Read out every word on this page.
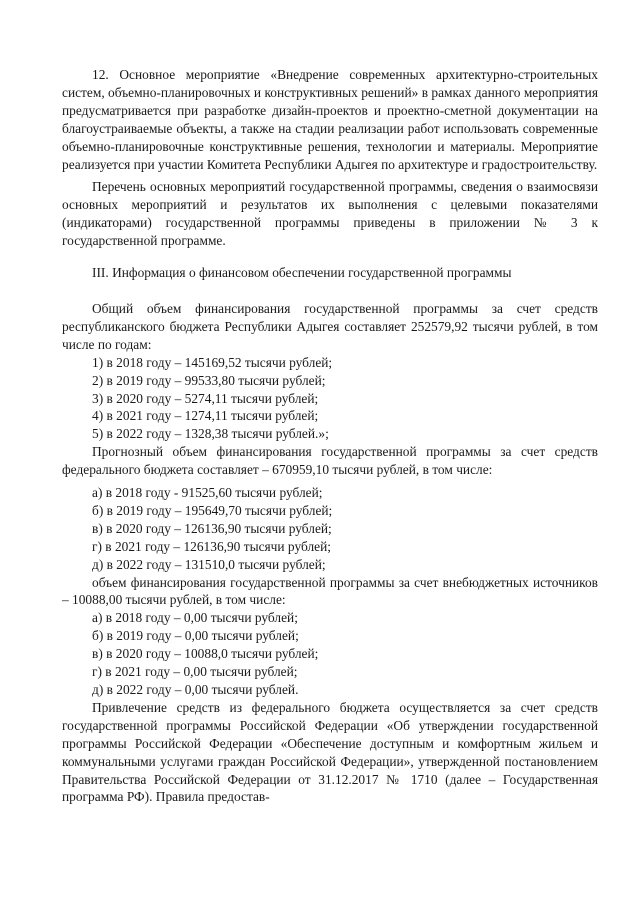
12. Основное мероприятие «Внедрение современных архитектурно-строительных систем, объемно-планировочных и конструктивных решений» в рамках данного мероприятия предусматривается при разработке дизайн-проектов и проектно-сметной документации на благоустраиваемые объекты, а также на стадии реализации работ использовать современные объемно-планировочные конструктивные решения, технологии и материалы. Мероприятие реализуется при участии Комитета Республики Адыгея по архитектуре и градостроительству.

Перечень основных мероприятий государственной программы, сведения о взаимосвязи основных мероприятий и результатов их выполнения с целевыми показателями (индикаторами) государственной программы приведены в приложении № 3 к государственной программе.

III. Информация о финансовом обеспечении государственной программы

Общий объем финансирования государственной программы за счет средств республиканского бюджета Республики Адыгея составляет 252579,92 тысячи рублей, в том числе по годам:

1) в 2018 году – 145169,52 тысячи рублей;
2) в 2019 году – 99533,80 тысячи рублей;
3) в 2020 году – 5274,11 тысячи рублей;
4) в 2021 году – 1274,11 тысячи рублей;
5) в 2022 году – 1328,38 тысячи рублей.»;

Прогнозный объем финансирования государственной программы за счет средств федерального бюджета составляет – 670959,10 тысячи рублей, в том числе:

а) в 2018 году - 91525,60 тысячи рублей;
б) в 2019 году – 195649,70 тысячи рублей;
в) в 2020 году – 126136,90 тысячи рублей;
г) в 2021 году – 126136,90 тысячи рублей;
д) в 2022 году – 131510,0 тысячи рублей;

объем финансирования государственной программы за счет внебюджетных источников – 10088,00 тысячи рублей, в том числе:

а) в 2018 году – 0,00 тысячи рублей;
б) в 2019 году – 0,00 тысячи рублей;
в) в 2020 году – 10088,0 тысячи рублей;
г) в 2021 году – 0,00 тысячи рублей;
д) в 2022 году – 0,00 тысячи рублей.

Привлечение средств из федерального бюджета осуществляется за счет средств государственной программы Российской Федерации «Об утверждении государственной программы Российской Федерации «Обеспечение доступным и комфортным жильем и коммунальными услугами граждан Российской Федерации», утвержденной постановлением Правительства Российской Федерации от 31.12.2017 № 1710 (далее – Государственная программа РФ). Правила предостав-
